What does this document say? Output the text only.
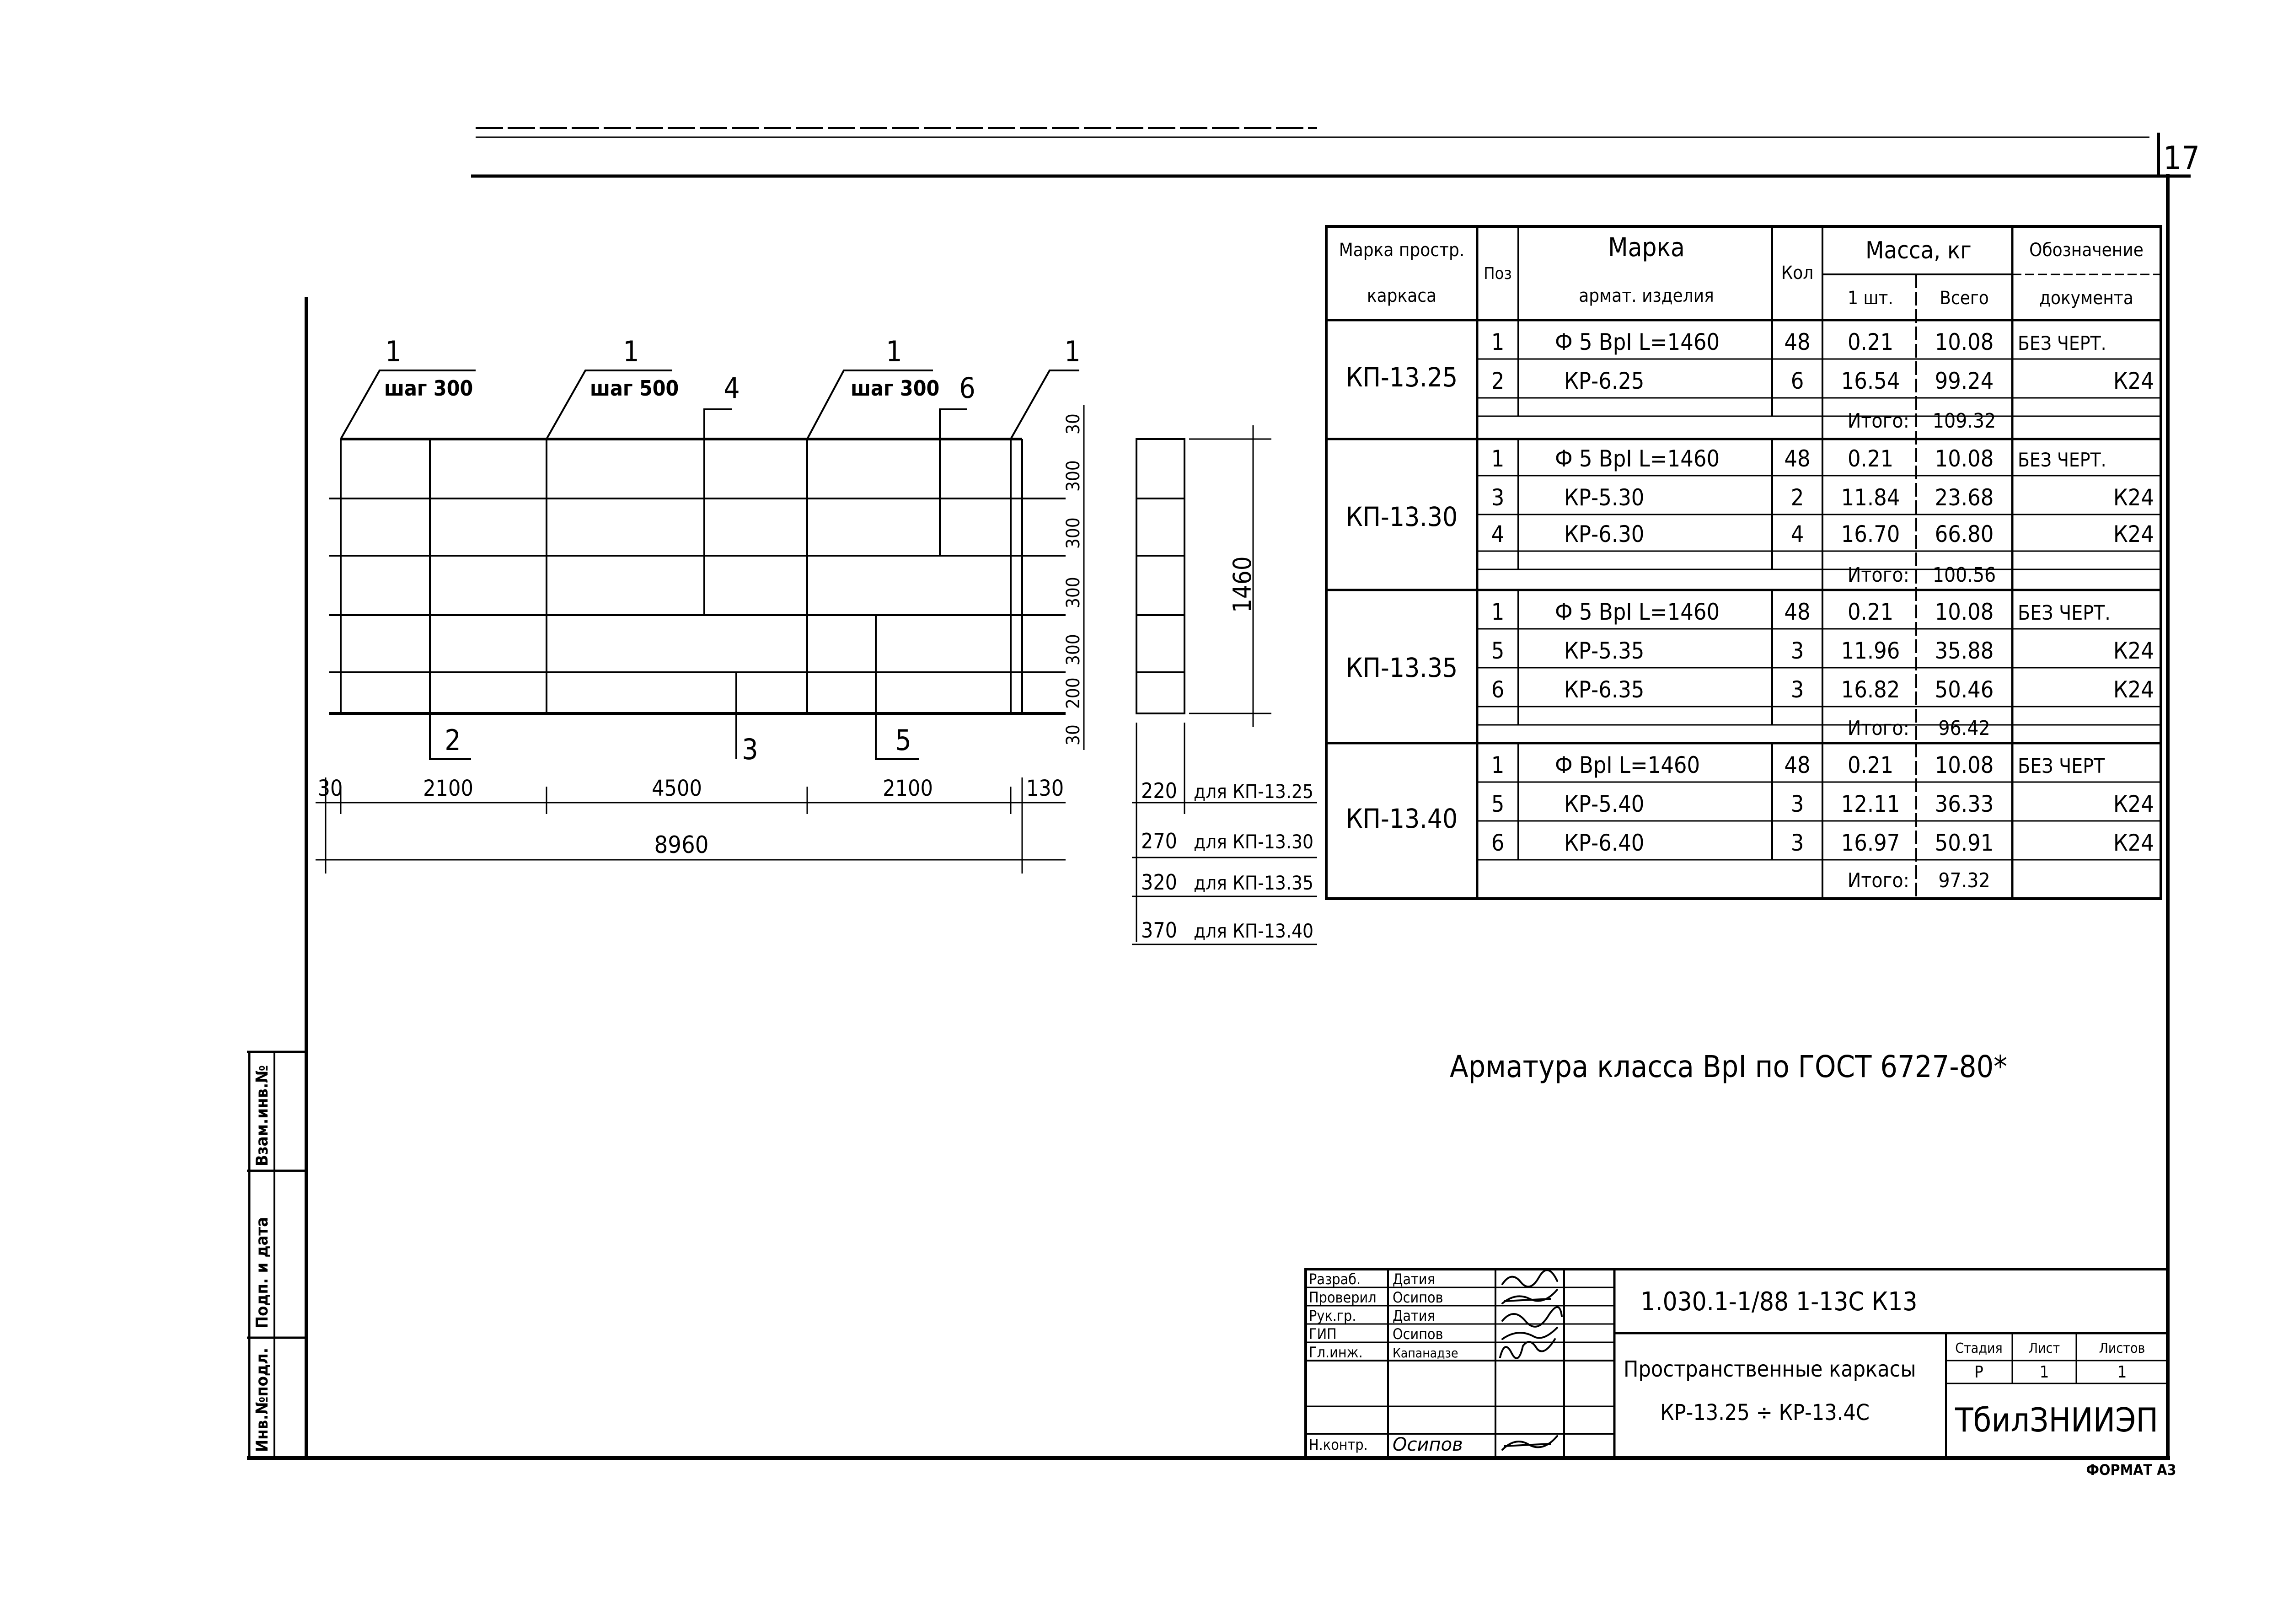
17
ФОРМАТ А3
Инв.№подл.
Подп. и дата
Взам.инв.№
1	1	1	1
4	6
2	3	5
шаг 300	шаг 500	шаг 300
30	2100	4500	2100	130
8960
30
300
300
300
300
200
30
1460
220 для КП-13.25
270 для КП-13.30
320 для КП-13.35
370 для КП-13.40
Марка простр.
каркаса
Поз
Марка
армат. изделия
Кол
Масса, кг
1 шт.	Всего
Обозначение
документа
КП-13.25
1 Ф 5 ВрI L=1460	48 0.21 10.08 БЕЗ ЧЕРТ.
2	КР-6.25	6 16.54 99.24	К24
Итого: 109.32
КП-13.30
1 Ф 5 ВрI L=1460	48 0.21 10.08 БЕЗ ЧЕРТ.
3	КР-5.30	2 11.84 23.68	К24
4	КР-6.30	4 16.70 66.80	К24
Итого: 100.56
КП-13.35
1 Ф 5 ВрI L=1460	48 0.21 10.08 БЕЗ ЧЕРТ.
5	КР-5.35	3 11.96 35.88	К24
6	КР-6.35	3 16.82 50.46	К24
Итого: 96.42
КП-13.40
1 Ф ВрI L=1460	48 0.21 10.08 БЕЗ ЧЕРТ
5	КР-5.40	3 12.11 36.33	К24
6	КР-6.40	3 16.97 50.91	К24
Итого: 97.32
Арматура класса ВрI по ГОСТ 6727-80*
Разраб. Датия
Проверил Осипов
Рук.гр. Датия
ГИП	Осипов
Гл.инж. Капанадзе
Н.контр. Осипов
1.030.1-1/88 1-13С К13
Пространственные каркасы
КР-13.25 ÷ КР-13.4С
Стадия Лист	Листов
Р	1	1
ТбилЗНИИЭП
